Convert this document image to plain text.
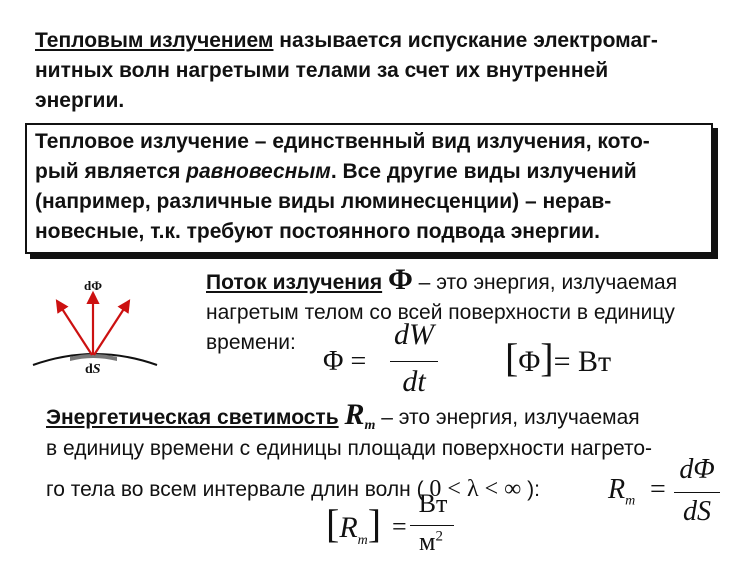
Тепловым излучением называется испускание электромаг-
нитных волн нагретыми телами за счет их внутренней
энергии.
Тепловое излучение – единственный вид излучения, кото-
рый является равновесным. Все другие виды излучений
(например, различные виды люминесценции) – нерав-
новесные, т.к. требуют постоянного подвода энергии.
dΦ
dS
Поток излучения Φ – это энергия, излучаемая
нагретым телом со всей поверхности в единицу
времени:
Φ =
dW
dt
[Φ]= Вт
Энергетическая светимость $R_т$ – это энергия, излучаемая
в единицу времени с единицы площади поверхности нагрето-
го тела во всем интервале длин волн ( 0 < λ < ∞ ): $R_т$ =
dΦ
dS
$[R_т]$ =
Вт
$м^2$
